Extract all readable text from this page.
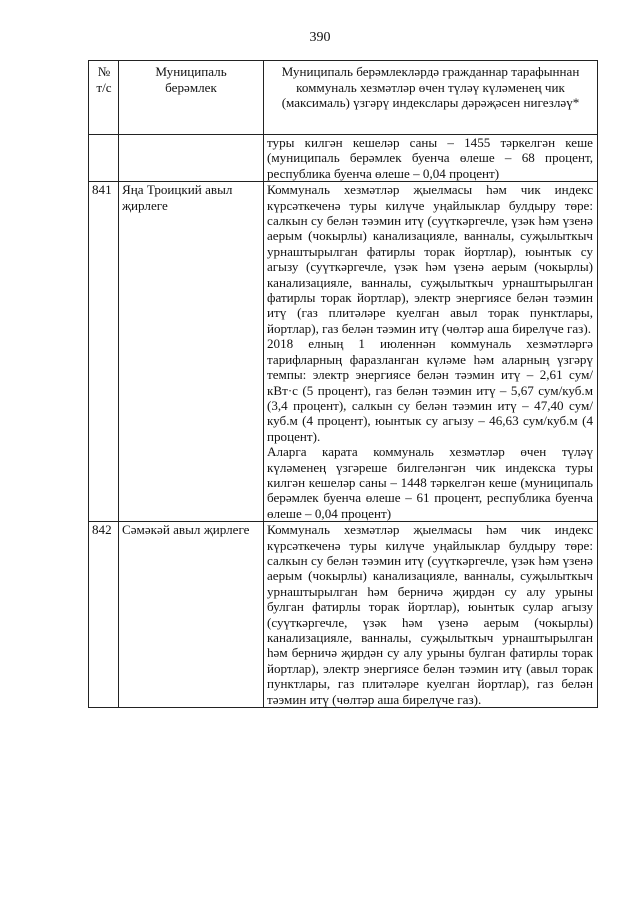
390
№ т/с	Муниципаль берәмлек	Муниципаль берәмлекләрдә гражданнар тарафыннан коммуналь хезмәтләр өчен түләү күләменең чик (максималь) үзгәрү индекслары дәрәҗәсен нигезләү*

		туры килгән кешеләр саны – 1455 тәркелгән кеше (муниципаль берәмлек буенча өлеше – 68 процент, республика буенча өлеше – 0,04 процент)

841	Яңа Троицкий авыл җирлеге	Коммуналь хезмәтләр җыелмасы һәм чик индекс күрсәткеченә туры килүче уңайлыклар булдыру төре: салкын су белән тәэмин итү (суүткәргечле, үзәк һәм үзенә аерым (чокырлы) канализацияле, ванналы, суҗылыткыч урнаштырылган фатирлы торак йортлар), юынтык су агызу (суүткәргечле, үзәк һәм үзенә аерым (чокырлы) канализацияле, ванналы, суҗылыткыч урнаштырылган фатирлы торак йортлар), электр энергиясе белән тәэмин итү (газ плитәләре куелган авыл торак пунктлары, йортлар), газ белән тәэмин итү (чөлтәр аша бирелүче газ).

2018 елның 1 июленнән коммуналь хезмәтләргә тарифларның фаразланган күләме һәм аларның үзгәрү темпы: электр энергиясе белән тәэмин итү – 2,61 сум/кВт·с (5 процент), газ белән тәэмин итү – 5,67 сум/куб.м (3,4 процент), салкын су белән тәэмин итү – 47,40 сум/куб.м (4 процент), юынтык су агызу – 46,63 сум/куб.м (4 процент).

Аларга карата коммуналь хезмәтләр өчен түләү күләменең үзгәреше билгеләнгән чик индекска туры килгән кешеләр саны – 1448 тәркелгән кеше (муниципаль берәмлек буенча өлеше – 61 процент, республика буенча өлеше – 0,04 процент)

842	Сәмәкәй авыл җирлеге	Коммуналь хезмәтләр җыелмасы һәм чик индекс күрсәткеченә туры килүче уңайлыклар булдыру төре: салкын су белән тәэмин итү (суүткәргечле, үзәк һәм үзенә аерым (чокырлы) канализацияле, ванналы, суҗылыткыч урнаштырылган һәм берничә җирдән су алу урыны булган фатирлы торак йортлар), юынтык сулар агызу (суүткәргечле, үзәк һәм үзенә аерым (чокырлы) канализацияле, ванналы, суҗылыткыч урнаштырылган һәм берничә җирдән су алу урыны булган фатирлы торак йортлар), электр энергиясе белән тәэмин итү (авыл торак пунктлары, газ плитәләре куелган йортлар), газ белән тәэмин итү (чөлтәр аша бирелүче газ).
